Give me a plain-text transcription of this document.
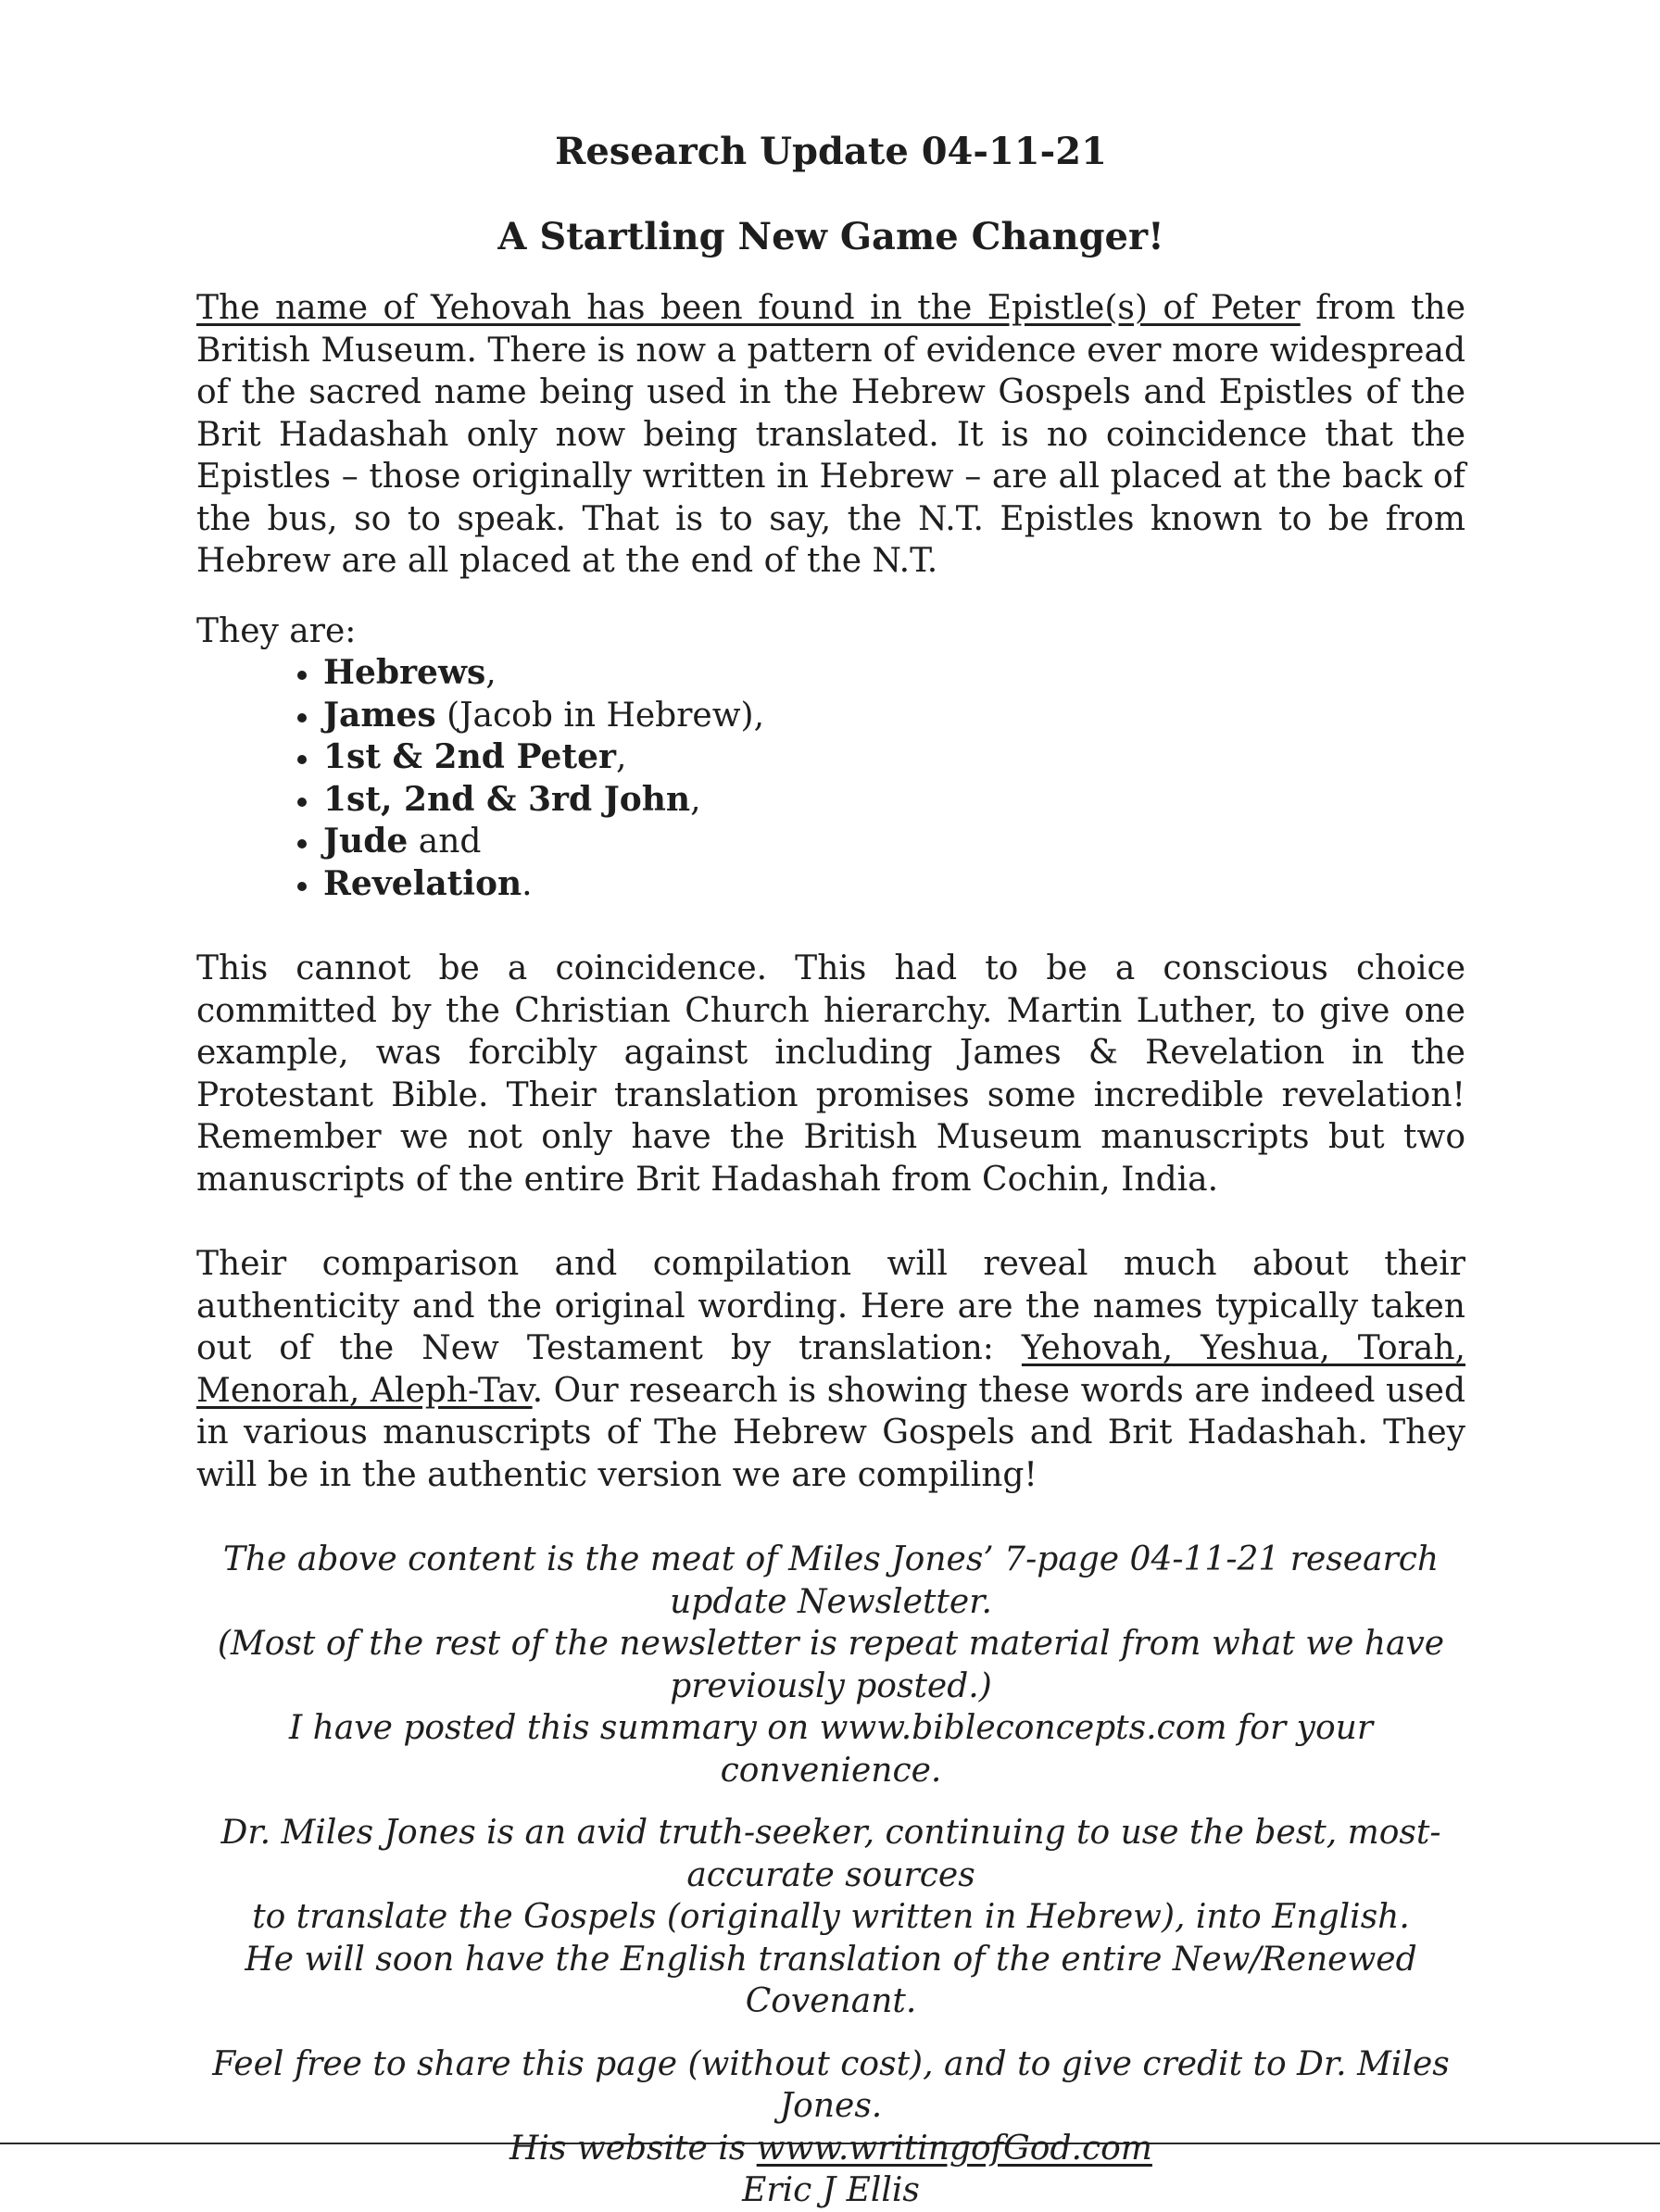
Research Update 04-11-21
A Startling New Game Changer!

The name of Yehovah has been found in the Epistle(s) of Peter from the British Museum. There is now a pattern of evidence ever more widespread of the sacred name being used in the Hebrew Gospels and Epistles of the Brit Hadashah only now being translated. It is no coincidence that the Epistles – those originally written in Hebrew – are all placed at the back of the bus, so to speak. That is to say, the N.T. Epistles known to be from Hebrew are all placed at the end of the N.T.

They are:

Hebrews,
James (Jacob in Hebrew),
1st & 2nd Peter,
1st, 2nd & 3rd John,
Jude and
Revelation.

This cannot be a coincidence. This had to be a conscious choice committed by the Christian Church hierarchy. Martin Luther, to give one example, was forcibly against including James & Revelation in the Protestant Bible. Their translation promises some incredible revelation! Remember we not only have the British Museum manuscripts but two manuscripts of the entire Brit Hadashah from Cochin, India.

Their comparison and compilation will reveal much about their authenticity and the original wording. Here are the names typically taken out of the New Testament by translation: Yehovah, Yeshua, Torah, Menorah, Aleph-Tav. Our research is showing these words are indeed used in various manuscripts of The Hebrew Gospels and Brit Hadashah. They will be in the authentic version we are compiling!

The above content is the meat of Miles Jones’ 7-page 04-11-21 research update Newsletter.
(Most of the rest of the newsletter is repeat material from what we have previously posted.)
I have posted this summary on www.bibleconcepts.com for your convenience.

Dr. Miles Jones is an avid truth-seeker, continuing to use the best, most-accurate sources
to translate the Gospels (originally written in Hebrew), into English.
He will soon have the English translation of the entire New/Renewed Covenant.

Feel free to share this page (without cost), and to give credit to Dr. Miles Jones.
His website is www.writingofGod.com
Eric J Ellis
